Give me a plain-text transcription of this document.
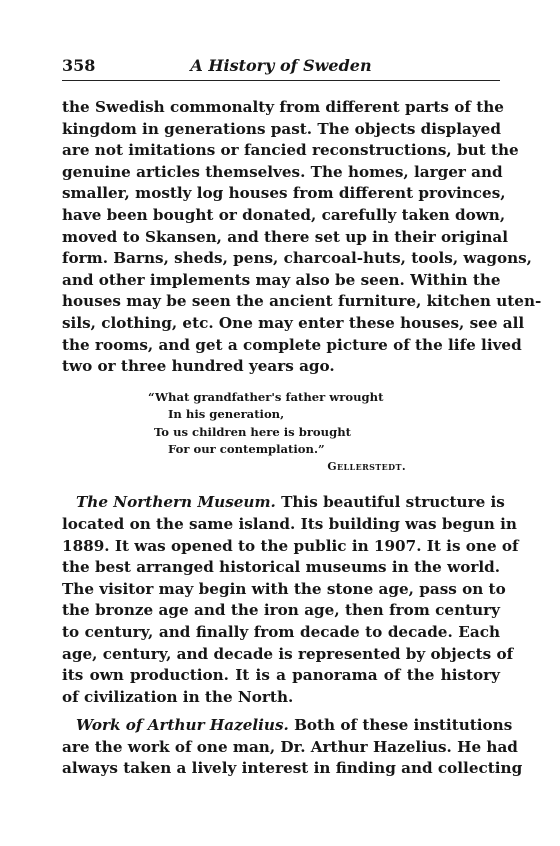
358	A History of Sweden

the Swedish commonalty from different parts of the
kingdom in generations past. The objects displayed
are not imitations or fancied reconstructions, but the
genuine articles themselves. The homes, larger and
smaller, mostly log houses from different provinces,
have been bought or donated, carefully taken down,
moved to Skansen, and there set up in their original
form. Barns, sheds, pens, charcoal-huts, tools, wagons,
and other implements may also be seen. Within the
houses may be seen the ancient furniture, kitchen uten-
sils, clothing, etc. One may enter these houses, see all
the rooms, and get a complete picture of the life lived
two or three hundred years ago.

“What grandfather's father wrought
In his generation,
To us children here is brought
For our contemplation.”
Gellerstedt.

The Northern Museum. This beautiful structure is
located on the same island. Its building was begun in
1889. It was opened to the public in 1907. It is one of
the best arranged historical museums in the world.
The visitor may begin with the stone age, pass on to
the bronze age and the iron age, then from century
to century, and finally from decade to decade. Each
age, century, and decade is represented by objects of
its own production. It is a panorama of the history
of civilization in the North.

Work of Arthur Hazelius. Both of these institutions
are the work of one man, Dr. Arthur Hazelius. He had
always taken a lively interest in finding and collecting
